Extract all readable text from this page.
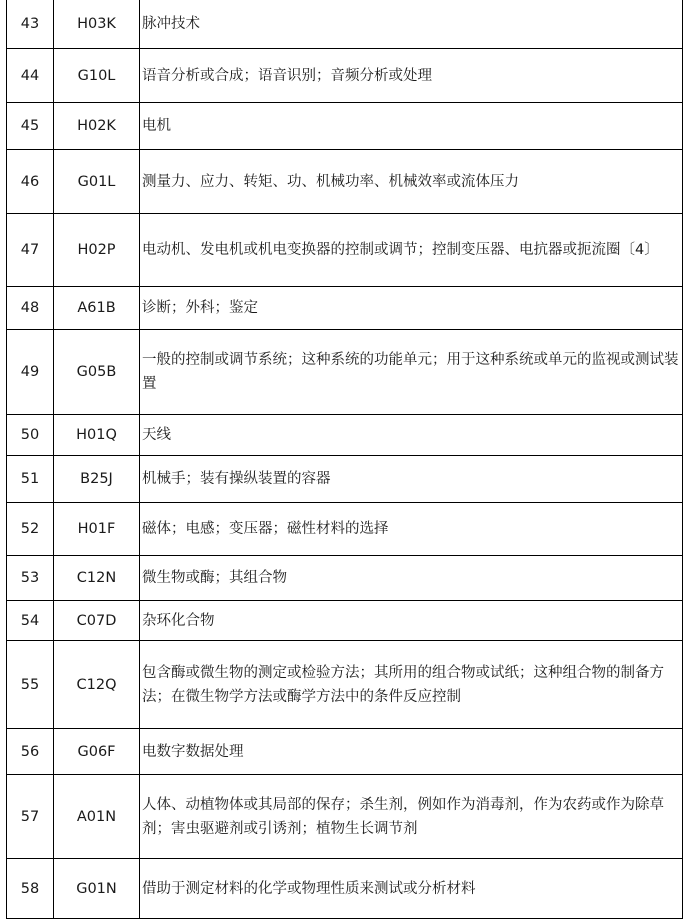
43	H03K	脉冲技术
44	G10L	语音分析或合成；语音识别；音频分析或处理
45	H02K	电机
46	G01L	测量力、应力、转矩、功、机械功率、机械效率或流体压力
47	H02P	电动机、发电机或机电变换器的控制或调节；控制变压器、电抗器或扼流圈〔4〕
48	A61B	诊断；外科；鉴定
49	G05B	一般的控制或调节系统；这种系统的功能单元；用于这种系统或单元的监视或测试装置
50	H01Q	天线
51	B25J	机械手；装有操纵装置的容器
52	H01F	磁体；电感；变压器；磁性材料的选择
53	C12N	微生物或酶；其组合物
54	C07D	杂环化合物
55	C12Q	包含酶或微生物的测定或检验方法；其所用的组合物或试纸；这种组合物的制备方法；在微生物学方法或酶学方法中的条件反应控制
56	G06F	电数字数据处理
57	A01N	人体、动植物体或其局部的保存；杀生剂，例如作为消毒剂，作为农药或作为除草剂；害虫驱避剂或引诱剂；植物生长调节剂
58	G01N	借助于测定材料的化学或物理性质来测试或分析材料
